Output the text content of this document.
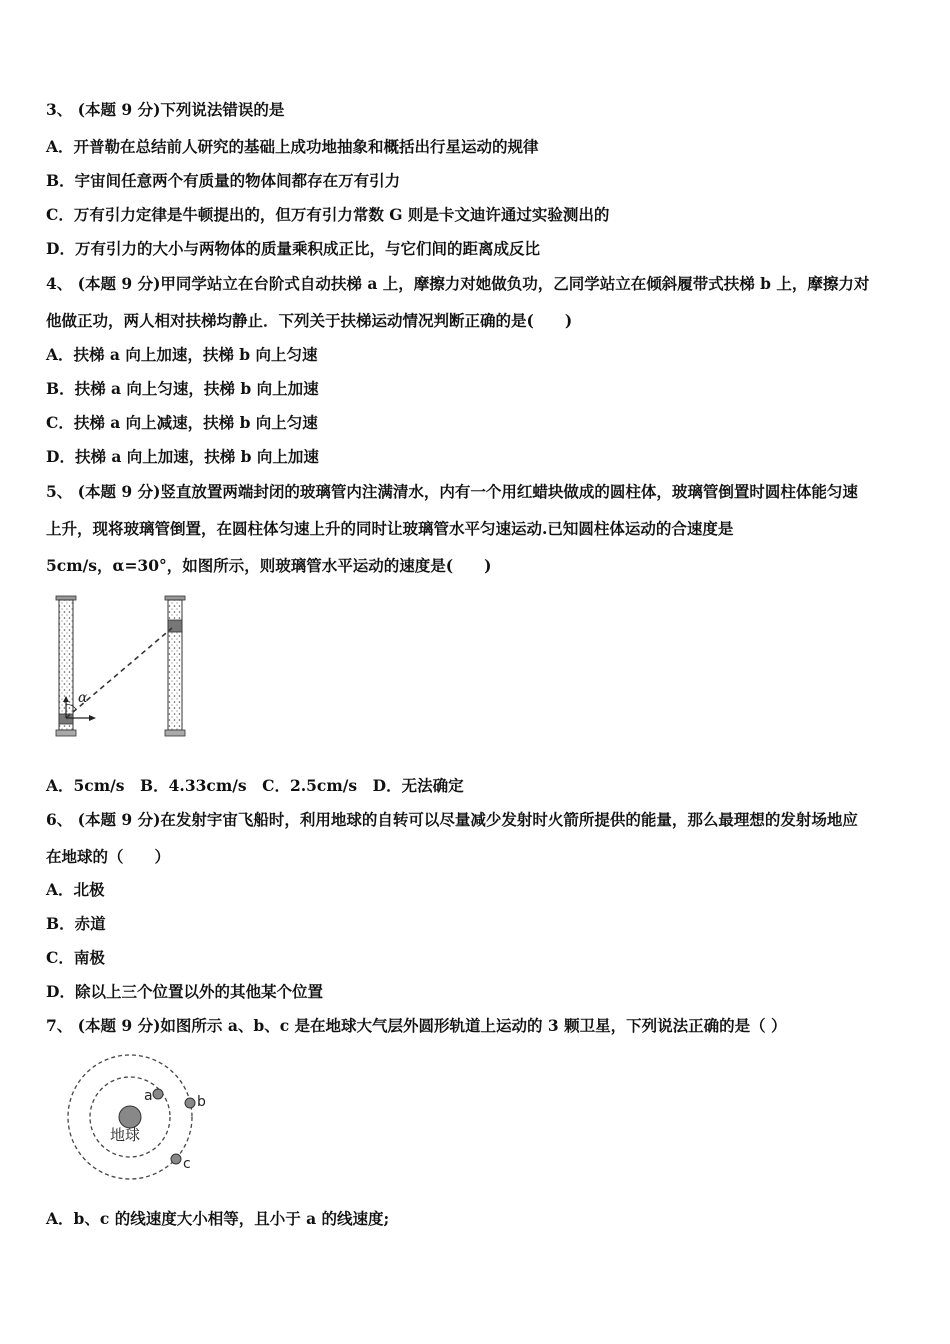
3、 (本题 9 分)下列说法错误的是
A．开普勒在总结前人研究的基础上成功地抽象和概括出行星运动的规律
B．宇宙间任意两个有质量的物体间都存在万有引力
C．万有引力定律是牛顿提出的，但万有引力常数 G 则是卡文迪许通过实验测出的
D．万有引力的大小与两物体的质量乘积成正比，与它们间的距离成反比
4、 (本题 9 分)甲同学站立在台阶式自动扶梯 a 上，摩擦力对她做负功，乙同学站立在倾斜履带式扶梯 b 上，摩擦力对
他做正功，两人相对扶梯均静止．下列关于扶梯运动情况判断正确的是(　　)
A．扶梯 a 向上加速，扶梯 b 向上匀速
B．扶梯 a 向上匀速，扶梯 b 向上加速
C．扶梯 a 向上减速，扶梯 b 向上匀速
D．扶梯 a 向上加速，扶梯 b 向上加速
5、 (本题 9 分)竖直放置两端封闭的玻璃管内注满清水，内有一个用红蜡块做成的圆柱体，玻璃管倒置时圆柱体能匀速
上升，现将玻璃管倒置，在圆柱体匀速上升的同时让玻璃管水平匀速运动.已知圆柱体运动的合速度是
5cm/s，α=30°，如图所示，则玻璃管水平运动的速度是(　　)
α
A．5cm/s　B．4.33cm/s　C．2.5cm/s　D．无法确定
6、 (本题 9 分)在发射宇宙飞船时，利用地球的自转可以尽量减少发射时火箭所提供的能量，那么最理想的发射场地应
在地球的（　　）
A．北极
B．赤道
C．南极
D．除以上三个位置以外的其他某个位置
7、 (本题 9 分)如图所示 a、b、c 是在地球大气层外圆形轨道上运动的 3 颗卫星，下列说法正确的是（ ）
地球
a	b
c
A．b、c 的线速度大小相等，且小于 a 的线速度;
